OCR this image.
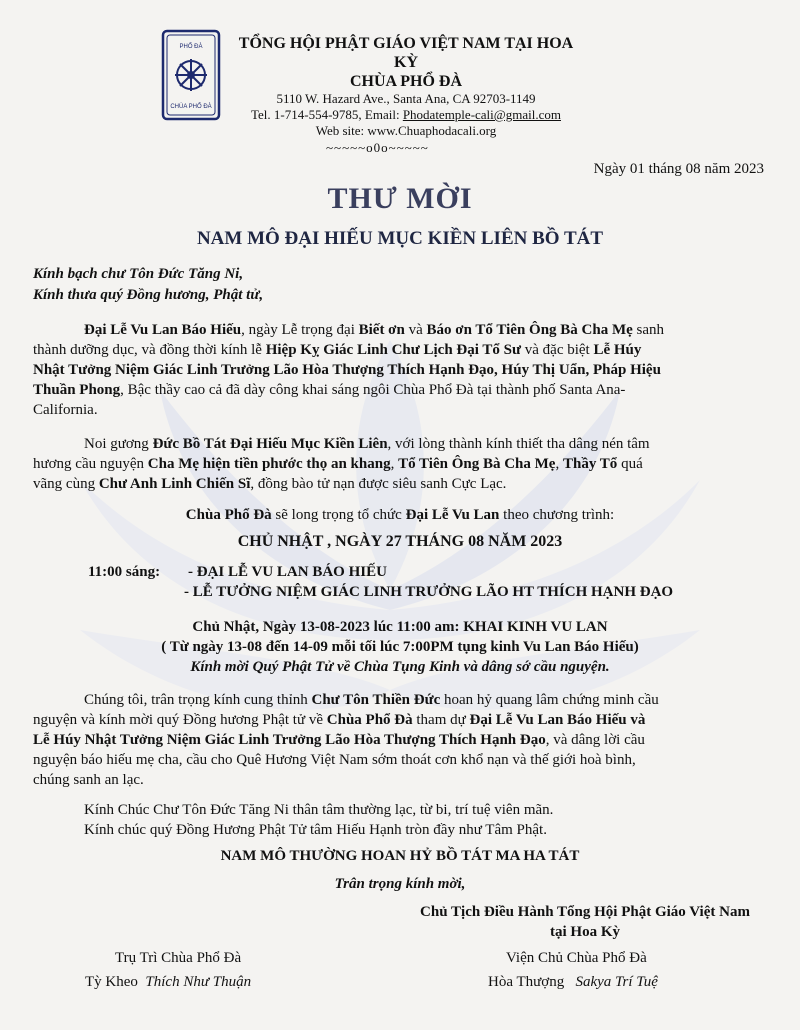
PHỔ ĐÀ
CHÙA PHỔ ĐÀ
TỔNG HỘI PHẬT GIÁO VIỆT NAM TẠI HOA KỲ
CHÙA PHỔ ĐÀ
5110 W. Hazard Ave., Santa Ana, CA 92703-1149
Tel. 1-714-554-9785, Email: Phodatemple-cali@gmail.com
Web site: www.Chuaphodacali.org
~~~~~o0o~~~~~
Ngày 01 tháng 08 năm 2023
THƯ MỜI
NAM MÔ ĐẠI HIẾU MỤC KIỀN LIÊN BỒ TÁT
Kính bạch chư Tôn Đức Tăng Ni,
Kính thưa quý Đồng hương, Phật tử,
Đại Lễ Vu Lan Báo Hiếu, ngày Lễ trọng đại Biết ơn và Báo ơn Tổ Tiên Ông Bà Cha Mẹ sanh
thành dưỡng dục, và đồng thời kính lễ Hiệp Kỵ Giác Linh Chư Lịch Đại Tổ Sư và đặc biệt Lễ Húy
Nhật Tưởng Niệm Giác Linh Trưởng Lão Hòa Thượng Thích Hạnh Đạo, Húy Thị Uẩn, Pháp Hiệu
Thuần Phong, Bậc thầy cao cả đã dày công khai sáng ngôi Chùa Phổ Đà tại thành phố Santa Ana-
California.
Noi gương Đức Bồ Tát Đại Hiếu Mục Kiền Liên, với lòng thành kính thiết tha dâng nén tâm
hương cầu nguyện Cha Mẹ hiện tiền phước thọ an khang, Tổ Tiên Ông Bà Cha Mẹ, Thầy Tổ quá
vãng cùng Chư Anh Linh Chiến Sĩ, đồng bào tử nạn được siêu sanh Cực Lạc.
Chùa Phổ Đà sẽ long trọng tổ chức Đại Lễ Vu Lan theo chương trình:
CHỦ NHẬT , NGÀY 27 THÁNG 08 NĂM 2023
11:00 sáng: - ĐẠI LỄ VU LAN BÁO HIẾU
- LỄ TƯỞNG NIỆM GIÁC LINH TRƯỞNG LÃO HT THÍCH HẠNH ĐẠO
Chủ Nhật, Ngày 13-08-2023 lúc 11:00 am: KHAI KINH VU LAN
( Từ ngày 13-08 đến 14-09 mỗi tối lúc 7:00PM tụng kinh Vu Lan Báo Hiếu)
Kính mời Quý Phật Tử về Chùa Tụng Kinh và dâng sớ cầu nguyện.
Chúng tôi, trân trọng kính cung thỉnh Chư Tôn Thiền Đức hoan hỷ quang lâm chứng minh cầu
nguyện và kính mời quý Đồng hương Phật tử về Chùa Phổ Đà tham dự Đại Lễ Vu Lan Báo Hiếu và
Lễ Húy Nhật Tưởng Niệm Giác Linh Trưởng Lão Hòa Thượng Thích Hạnh Đạo, và dâng lời cầu
nguyện báo hiếu mẹ cha, cầu cho Quê Hương Việt Nam sớm thoát cơn khổ nạn và thế giới hoà bình,
chúng sanh an lạc.
Kính Chúc Chư Tôn Đức Tăng Ni thân tâm thường lạc, từ bi, trí tuệ viên mãn.
Kính chúc quý Đồng Hương Phật Tử tâm Hiếu Hạnh tròn đầy như Tâm Phật.
NAM MÔ THƯỜNG HOAN HỶ BỒ TÁT MA HA TÁT
Trân trọng kính mời,
Chủ Tịch Điều Hành Tổng Hội Phật Giáo Việt Nam
tại Hoa Kỳ
Trụ Trì Chùa Phổ Đà
Tỳ Kheo Thích Như Thuận
Viện Chủ Chùa Phổ Đà
Hòa Thượng Sakya Trí Tuệ
